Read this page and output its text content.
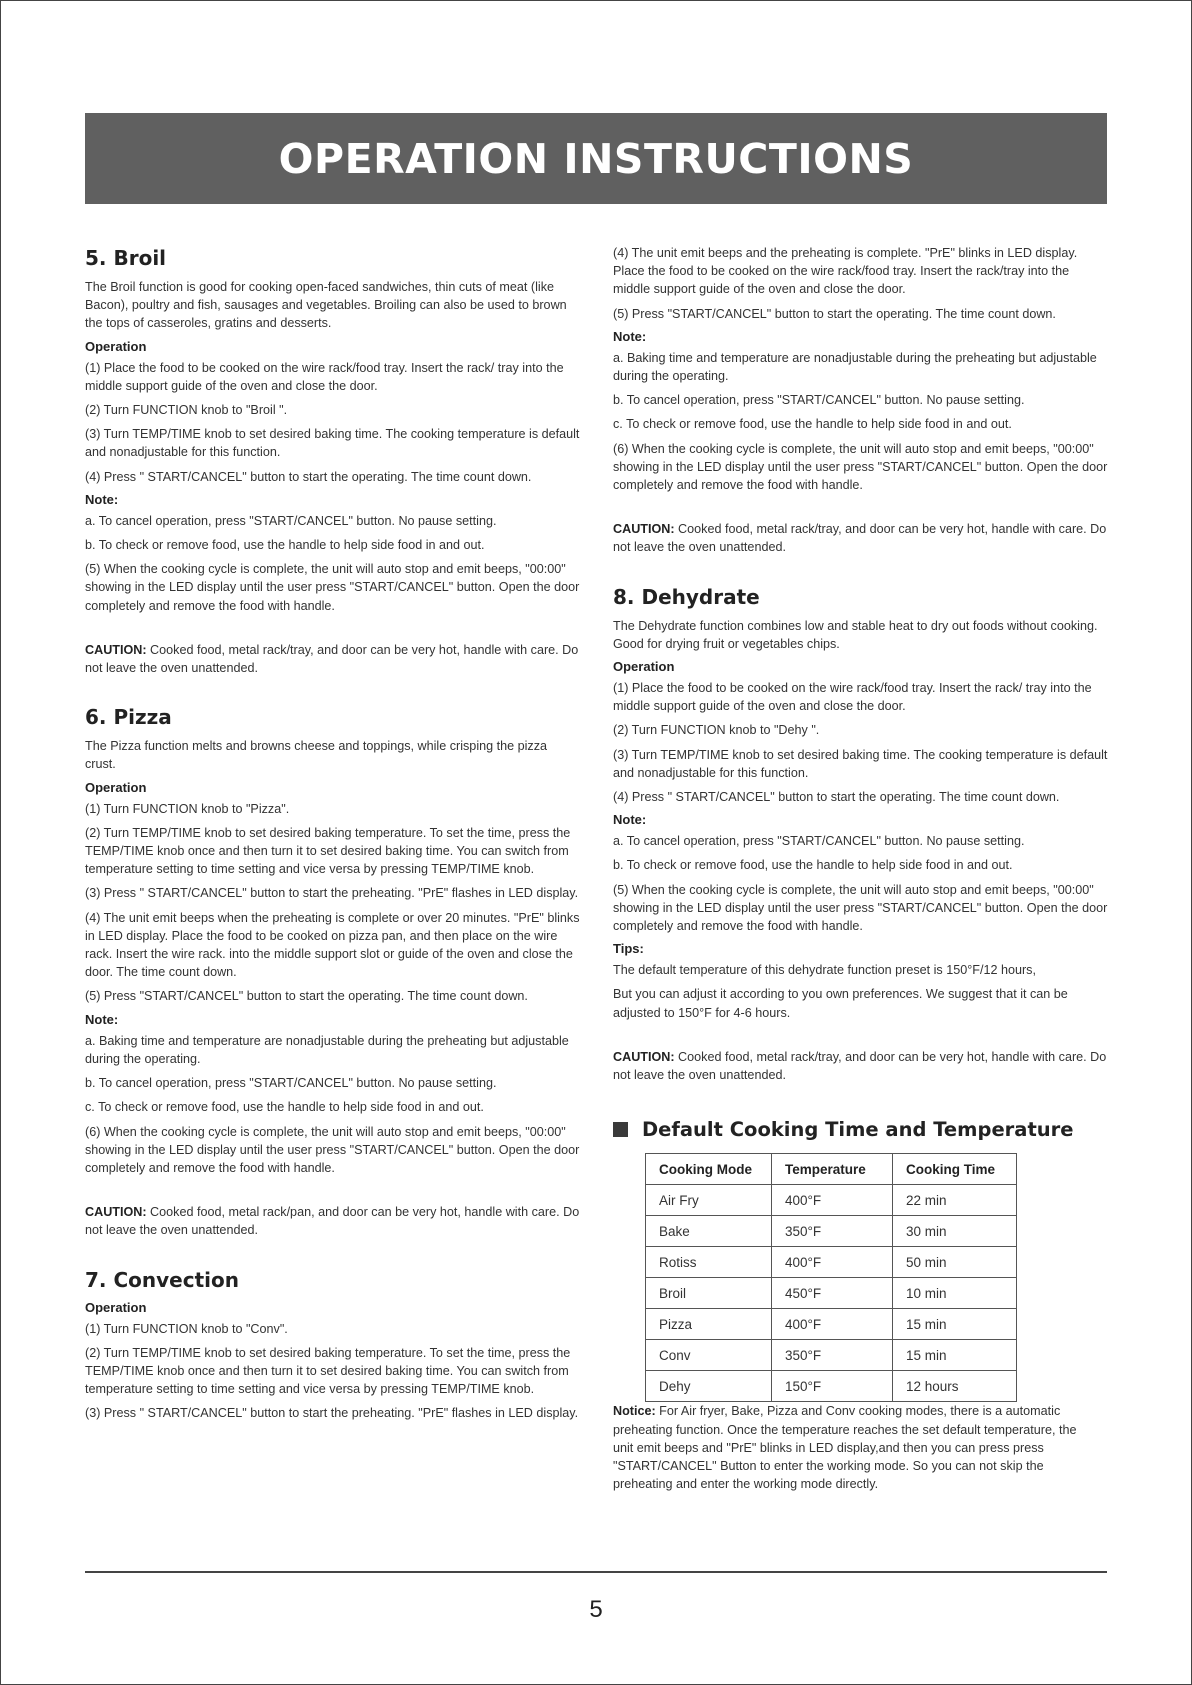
OPERATION INSTRUCTIONS
5. Broil

The Broil function is good for cooking open-faced sandwiches, thin cuts of meat (like Bacon), poultry and fish, sausages and vegetables. Broiling can also be used to brown the tops of casseroles, gratins and desserts.

Operation

(1) Place the food to be cooked on the wire rack/food tray. Insert the rack/ tray into the middle support guide of the oven and close the door.

(2) Turn FUNCTION knob to "Broil ".

(3) Turn TEMP/TIME knob to set desired baking time. The cooking temperature is default and nonadjustable for this function.

(4) Press " START/CANCEL" button to start the operating. The time count down.

Note:

a. To cancel operation, press "START/CANCEL" button. No pause setting.

b. To check or remove food, use the handle to help side food in and out.

(5) When the cooking cycle is complete, the unit will auto stop and emit beeps, "00:00" showing in the LED display until the user press "START/CANCEL" button. Open the door completely and remove the food with handle.

CAUTION: Cooked food, metal rack/tray, and door can be very hot, handle with care. Do not leave the oven unattended.

6. Pizza

The Pizza function melts and browns cheese and toppings, while crisping the pizza crust.

Operation

(1) Turn FUNCTION knob to "Pizza".

(2) Turn TEMP/TIME knob to set desired baking temperature. To set the time, press the TEMP/TIME knob once and then turn it to set desired baking time. You can switch from temperature setting to time setting and vice versa by pressing TEMP/TIME knob.

(3) Press " START/CANCEL" button to start the preheating. "PrE" flashes in LED display.

(4) The unit emit beeps when the preheating is complete or over 20 minutes. "PrE" blinks in LED display. Place the food to be cooked on pizza pan, and then place on the wire rack. Insert the wire rack. into the middle support slot or guide of the oven and close the door. The time count down.

(5) Press "START/CANCEL" button to start the operating. The time count down.

Note:

a. Baking time and temperature are nonadjustable during the preheating but adjustable during the operating.

b. To cancel operation, press "START/CANCEL" button. No pause setting.

c. To check or remove food, use the handle to help side food in and out.

(6) When the cooking cycle is complete, the unit will auto stop and emit beeps, "00:00" showing in the LED display until the user press "START/CANCEL" button. Open the door completely and remove the food with handle.

CAUTION: Cooked food, metal rack/pan, and door can be very hot, handle with care. Do not leave the oven unattended.

7. Convection
Operation

(1) Turn FUNCTION knob to "Conv".

(2) Turn TEMP/TIME knob to set desired baking temperature. To set the time, press the TEMP/TIME knob once and then turn it to set desired baking time. You can switch from temperature setting to time setting and vice versa by pressing TEMP/TIME knob.

(3) Press " START/CANCEL" button to start the preheating. "PrE" flashes in LED display.

(4) The unit emit beeps and the preheating is complete. "PrE" blinks in LED display. Place the food to be cooked on the wire rack/food tray. Insert the rack/tray into the middle support guide of the oven and close the door.

(5) Press "START/CANCEL" button to start the operating. The time count down.

Note:

a. Baking time and temperature are nonadjustable during the preheating but adjustable during the operating.

b. To cancel operation, press "START/CANCEL" button. No pause setting.

c. To check or remove food, use the handle to help side food in and out.

(6) When the cooking cycle is complete, the unit will auto stop and emit beeps, "00:00" showing in the LED display until the user press "START/CANCEL" button. Open the door completely and remove the food with handle.

CAUTION: Cooked food, metal rack/tray, and door can be very hot, handle with care. Do not leave the oven unattended.

8. Dehydrate

The Dehydrate function combines low and stable heat to dry out foods without cooking. Good for drying fruit or vegetables chips.

Operation

(1) Place the food to be cooked on the wire rack/food tray. Insert the rack/ tray into the middle support guide of the oven and close the door.

(2) Turn FUNCTION knob to "Dehy ".

(3) Turn TEMP/TIME knob to set desired baking time. The cooking temperature is default and nonadjustable for this function.

(4) Press " START/CANCEL" button to start the operating. The time count down.

Note:

a. To cancel operation, press "START/CANCEL" button. No pause setting.

b. To check or remove food, use the handle to help side food in and out.

(5) When the cooking cycle is complete, the unit will auto stop and emit beeps, "00:00" showing in the LED display until the user press "START/CANCEL" button. Open the door completely and remove the food with handle.

Tips:

The default temperature of this dehydrate function preset is 150°F/12 hours,

But you can adjust it according to you own preferences. We suggest that it can be adjusted to 150°F for 4-6 hours.

CAUTION: Cooked food, metal rack/tray, and door can be very hot, handle with care. Do not leave the oven unattended.

Default Cooking Time and Temperature
Cooking Mode	Temperature	Cooking Time
Air Fry	400°F	22 min
Bake	350°F	30 min
Rotiss	400°F	50 min
Broil	450°F	10 min
Pizza	400°F	15 min
Conv	350°F	15 min
Dehy	150°F	12 hours

Notice: For Air fryer, Bake, Pizza and Conv cooking modes, there is a automatic preheating function. Once the temperature reaches the set default temperature, the unit emit beeps and "PrE" blinks in LED display,and then you can press press "START/CANCEL" Button to enter the working mode. So you can not skip the preheating and enter the working mode directly.

5
